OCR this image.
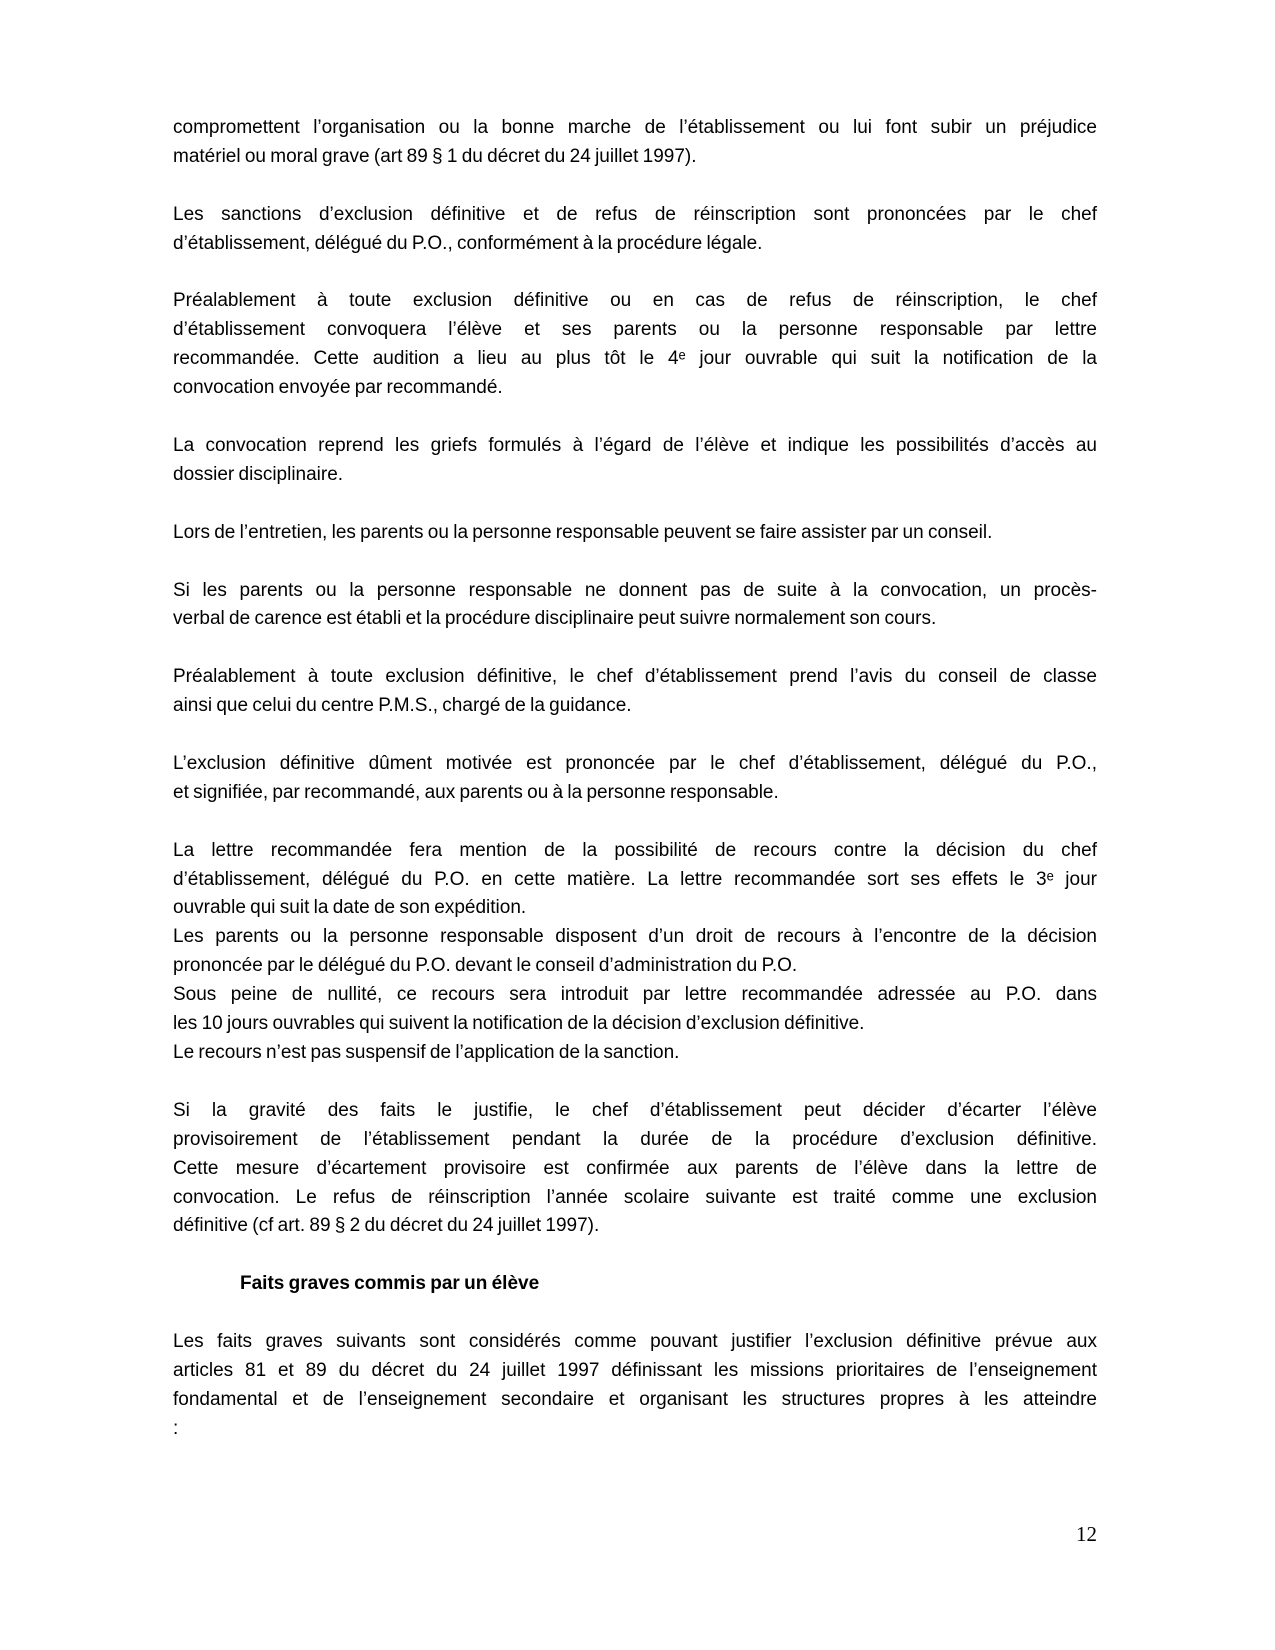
compromettent l’organisation ou la bonne marche de l’établissement ou lui font subir un préjudice
matériel ou moral grave (art 89 § 1 du décret du 24 juillet 1997).
Les sanctions d’exclusion définitive et de refus de réinscription sont prononcées par le chef
d’établissement, délégué du P.O., conformément à la procédure légale.
Préalablement à toute exclusion définitive ou en cas de refus de réinscription, le chef
d’établissement convoquera l’élève et ses parents ou la personne responsable par lettre
recommandée. Cette audition a lieu au plus tôt le 4ᵉ jour ouvrable qui suit la notification de la
convocation envoyée par recommandé.
La convocation reprend les griefs formulés à l’égard de l’élève et indique les possibilités d’accès au
dossier disciplinaire.
Lors de l’entretien, les parents ou la personne responsable peuvent se faire assister par un conseil.
Si les parents ou la personne responsable ne donnent pas de suite à la convocation, un procès-
verbal de carence est établi et la procédure disciplinaire peut suivre normalement son cours.
Préalablement à toute exclusion définitive, le chef d’établissement prend l’avis du conseil de classe
ainsi que celui du centre P.M.S., chargé de la guidance.
L’exclusion définitive dûment motivée est prononcée par le chef d’établissement, délégué du P.O.,
et signifiée, par recommandé, aux parents ou à la personne responsable.
La lettre recommandée fera mention de la possibilité de recours contre la décision du chef
d’établissement, délégué du P.O. en cette matière. La lettre recommandée sort ses effets le 3ᵉ jour
ouvrable qui suit la date de son expédition.
Les parents ou la personne responsable disposent d’un droit de recours à l’encontre de la décision
prononcée par le délégué du P.O. devant le conseil d’administration du P.O.
Sous peine de nullité, ce recours sera introduit par lettre recommandée adressée au P.O. dans
les 10 jours ouvrables qui suivent la notification de la décision d’exclusion définitive.
Le recours n’est pas suspensif de l’application de la sanction.
Si la gravité des faits le justifie, le chef d’établissement peut décider d’écarter l’élève
provisoirement de l’établissement pendant la durée de la procédure d’exclusion définitive.
Cette mesure d’écartement provisoire est confirmée aux parents de l’élève dans la lettre de
convocation. Le refus de réinscription l’année scolaire suivante est traité comme une exclusion
définitive (cf art. 89 § 2 du décret du 24 juillet 1997).
Faits graves commis par un élève
Les faits graves suivants sont considérés comme pouvant justifier l’exclusion définitive prévue aux
articles 81 et 89 du décret du 24 juillet 1997 définissant les missions prioritaires de l’enseignement
fondamental et de l’enseignement secondaire et organisant les structures propres à les atteindre
:
12
